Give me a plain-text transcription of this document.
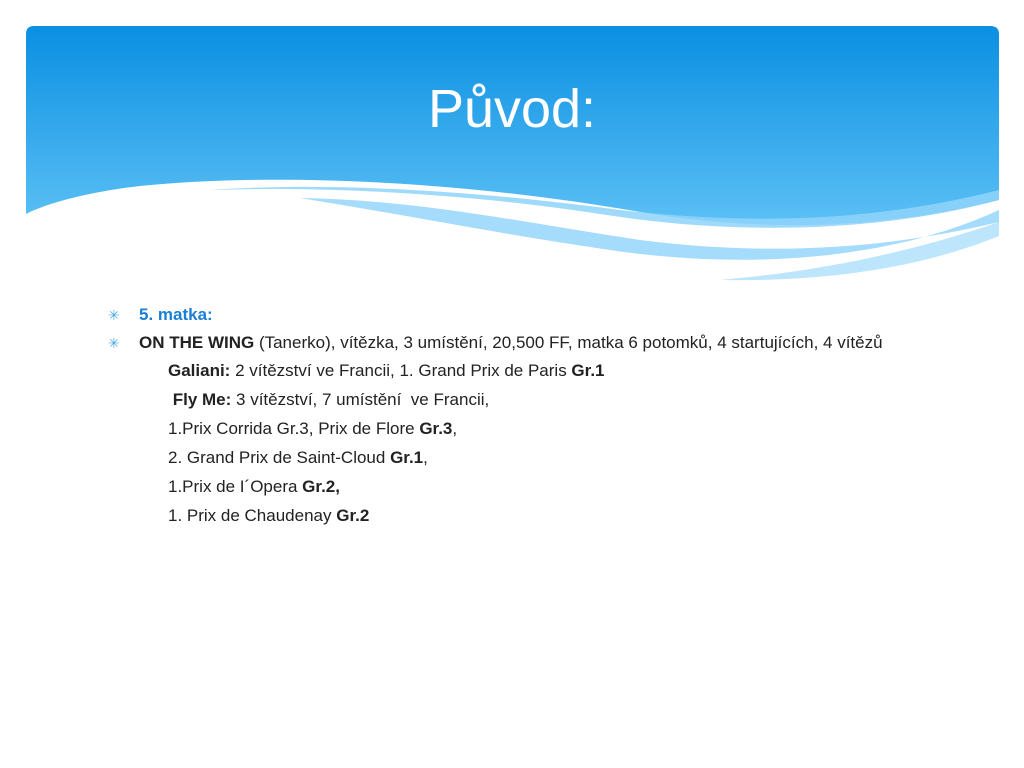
Původ:
✳ 5. matka:
✳ ON THE WING (Tanerko), vítězka, 3 umístění, 20,500 FF, matka 6 potomků, 4 startujících, 4 vítězů
Galiani: 2 vítězství ve Francii, 1. Grand Prix de Paris Gr.1
Fly Me: 3 vítězství, 7 umístění  ve Francii,
1.Prix Corrida Gr.3, Prix de Flore Gr.3,
2. Grand Prix de Saint-Cloud Gr.1,
1.Prix de I´Opera Gr.2,
1. Prix de Chaudenay Gr.2
